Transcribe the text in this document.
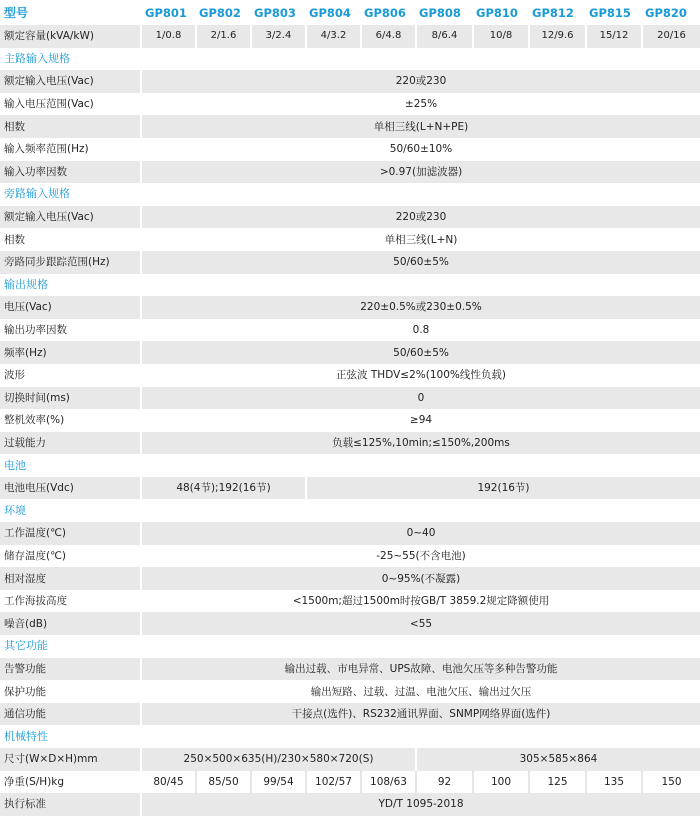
型号	| GP801	| GP802	| GP803	| GP804	| GP806	| GP808	| GP810	| GP812	| GP815	| GP820
额定容量(kVA/kW)	1/0.8	2/1.6	3/2.4	4/3.2	6/4.8	8/6.4	10/8	12/9.6	15/12	20/16
主路输入规格										
额定输入电压(Vac)	220或230									
输入电压范围(Vac)	±25%									
相数	单相三线(L+N+PE)									
输入频率范围(Hz)	50/60±10%									
输入功率因数	>0.97(加滤波器)									
旁路输入规格										
额定输入电压(Vac)	220或230									
相数	单相三线(L+N)									
旁路同步跟踪范围(Hz)	50/60±5%									
输出规格										
电压(Vac)	220±0.5%或230±0.5%									
输出功率因数	0.8									
频率(Hz)	50/60±5%									
波形	正弦波 THDV≤2%(100%线性负载)									
切换时间(ms)	0									
整机效率(%)	≥94									
过载能力	负载≤125%,10min;≤150%,200ms									
电池										
电池电压(Vdc)	48(4节);192(16节)			192(16节)						
环境										
工作温度(℃)	0~40									
储存温度(℃)	-25~55(不含电池)									
相对湿度	0~95%(不凝露)									
工作海拔高度	<1500m;超过1500m时按GB/T 3859.2规定降额使用									
噪音(dB)	<55									
其它功能										
告警功能	输出过载、市电异常、UPS故障、电池欠压等多种告警功能									
保护功能	输出短路、过载、过温、电池欠压、输出过欠压									
通信功能	干接点(选件)、RS232通讯界面、SNMP网络界面(选件)									
机械特性										
尺寸(W×D×H)mm	250×500×635(H)/230×580×720(S)					305×585×864				
净重(S/H)kg	80/45	85/50	99/54	102/57	108/63	92	100	125	135	150
执行标准	YD/T 1095-2018									
